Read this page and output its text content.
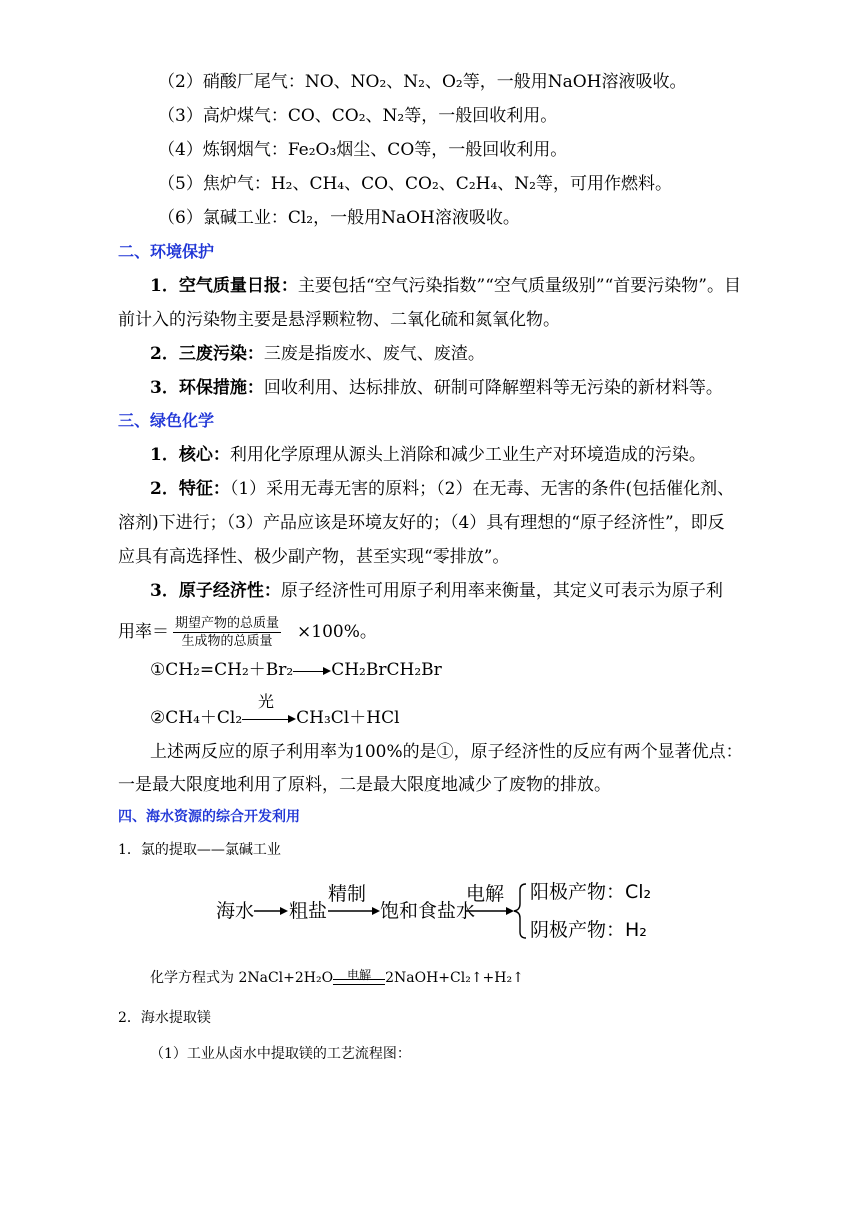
（2）硝酸厂尾气：NO、NO₂、N₂、O₂等，一般用NaOH溶液吸收。
（3）高炉煤气：CO、CO₂、N₂等，一般回收利用。
（4）炼钢烟气：Fe₂O₃烟尘、CO等，一般回收利用。
（5）焦炉气：H₂、CH₄、CO、CO₂、C₂H₄、N₂等，可用作燃料。
（6）氯碱工业：Cl₂，一般用NaOH溶液吸收。
二、环境保护
1．空气质量日报：主要包括“空气污染指数”“空气质量级别”“首要污染物”。目
前计入的污染物主要是悬浮颗粒物、二氧化硫和氮氧化物。
2．三废污染：三废是指废水、废气、废渣。
3．环保措施：回收利用、达标排放、研制可降解塑料等无污染的新材料等。
三、绿色化学
1．核心：利用化学原理从源头上消除和减少工业生产对环境造成的污染。
2．特征：（1）采用无毒无害的原料；（2）在无毒、无害的条件(包括催化剂、
溶剂)下进行；（3）产品应该是环境友好的；（4）具有理想的“原子经济性”，即反
应具有高选择性、极少副产物，甚至实现“零排放”。
3．原子经济性：原子经济性可用原子利用率来衡量，其定义可表示为原子利
用率＝ $\frac{\text{期望产物的总质量}}{\text{生成物的总质量}} \times 100\%$。
①CH₂=CH₂＋Br₂ CH₂BrCH₂Br
光
②CH₄＋Cl₂	CH₃Cl＋HCl
上述两反应的原子利用率为100%的是①，原子经济性的反应有两个显著优点：
一是最大限度地利用了原料，二是最大限度地减少了废物的排放。
四、海水资源的综合开发利用
1．氯的提取——氯碱工业
海水 粗盐
精制
饱和食盐水
电解 阳极产物：Cl₂
阴极产物：H₂
化学方程式为 2NaCl+2H₂O	电解	2NaOH+Cl₂↑+H₂↑
2．海水提取镁
（1）工业从卤水中提取镁的工艺流程图：
